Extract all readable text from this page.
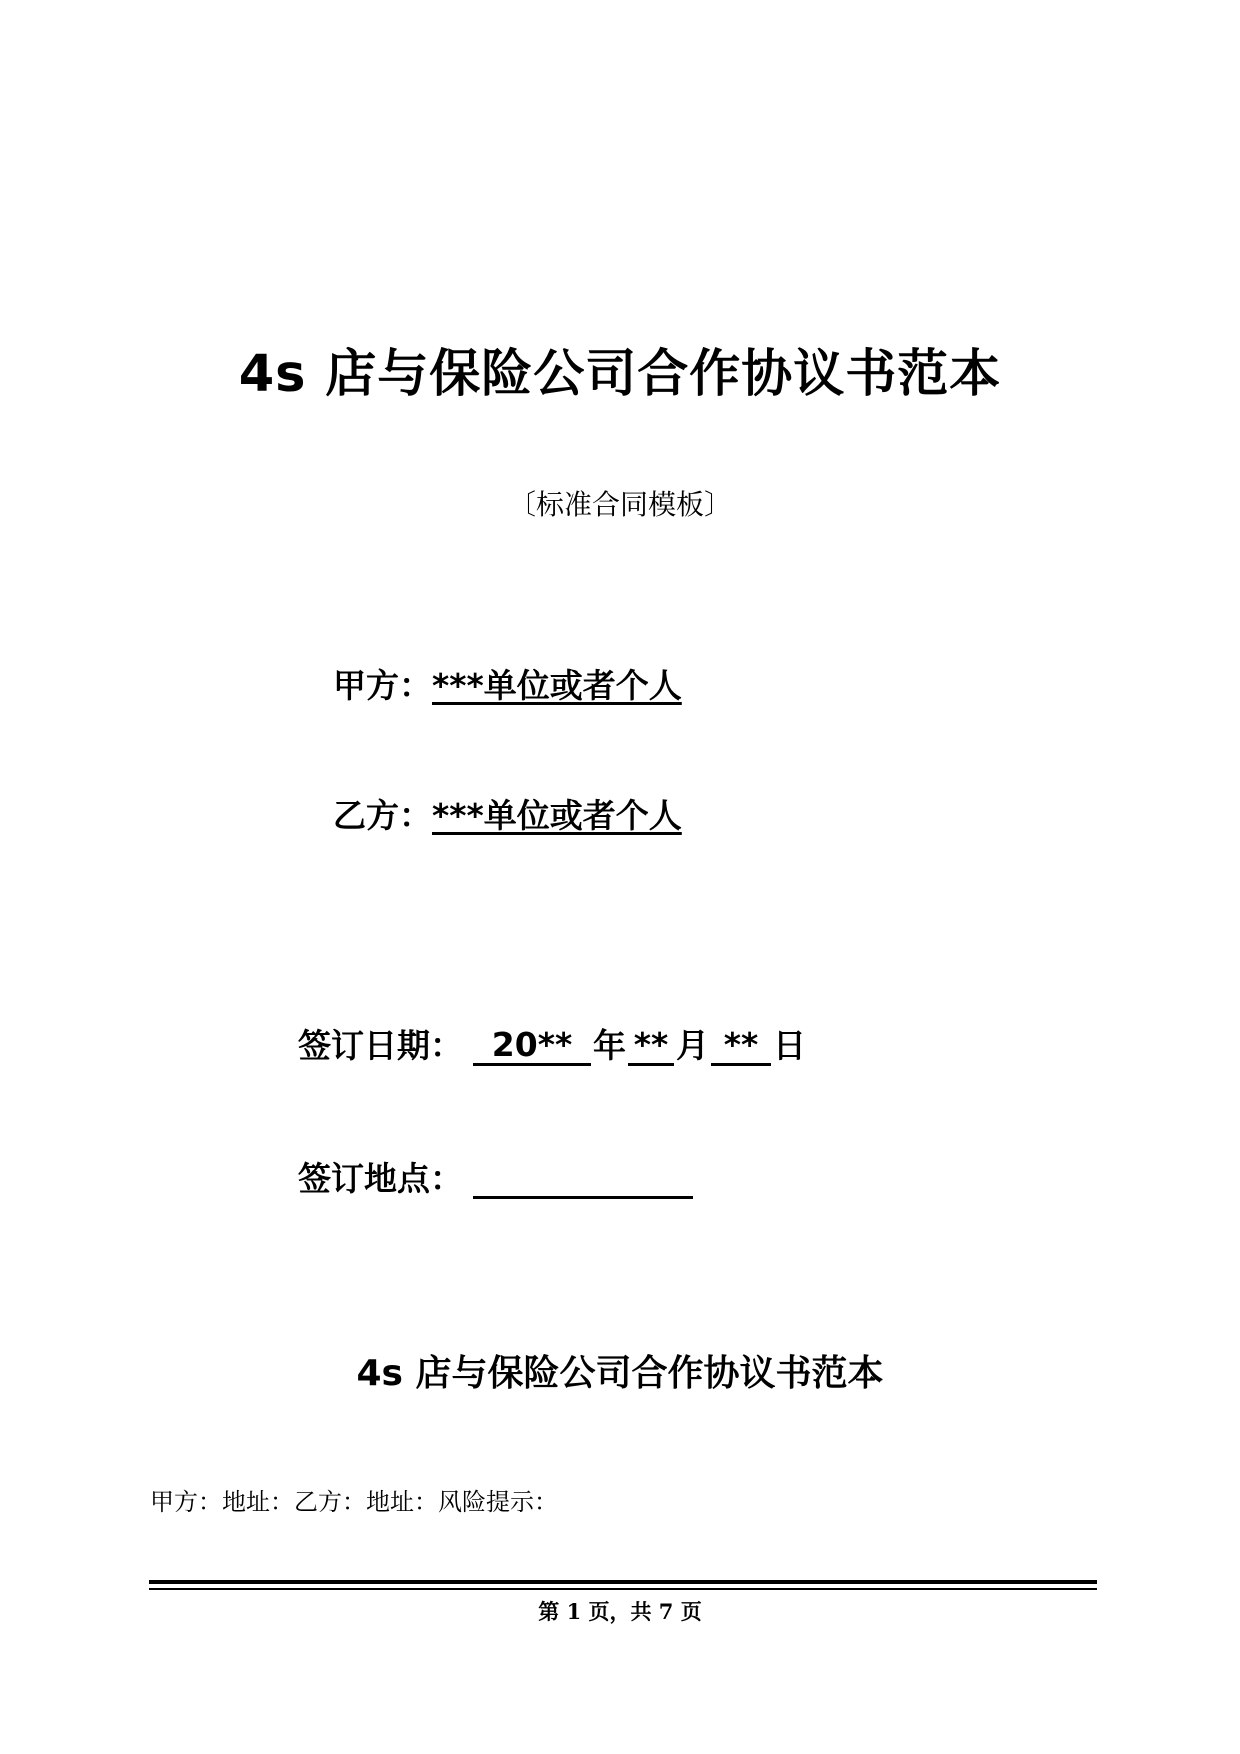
4s 店与保险公司合作协议书范本
〔标准合同模板〕
甲方：***单位或者个人
乙方：***单位或者个人
签订日期： 20** 年 ** 月 ** 日
签订地点：
4s 店与保险公司合作协议书范本
甲方：地址：乙方：地址：风险提示：
第 1 页，共 7 页
